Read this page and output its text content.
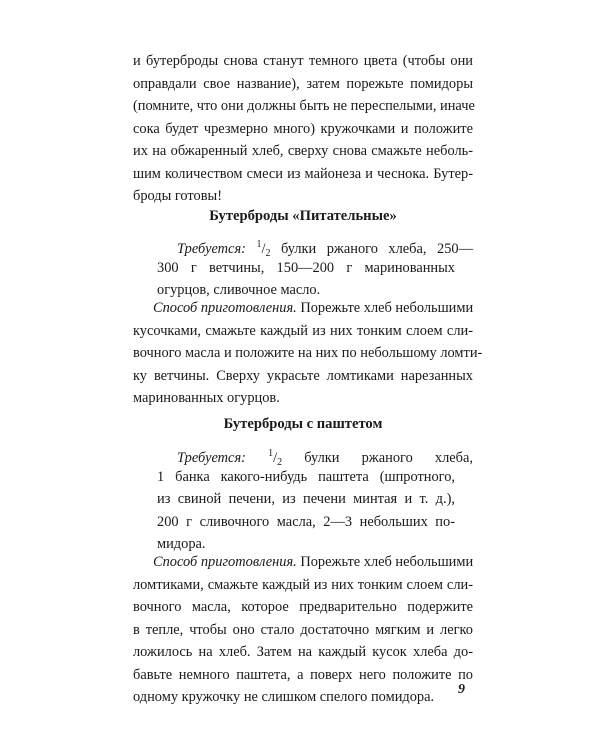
и бутерброды снова станут темного цвета (чтобы они
оправдали свое название), затем порежьте помидоры
(помните, что они должны быть не переспелыми, иначе
сока будет чрезмерно много) кружочками и положите
их на обжаренный хлеб, сверху снова смажьте неболь-
шим количеством смеси из майонеза и чеснока. Бутер-
броды готовы!
Бутерброды «Питательные»
Требуется: $^1/_2$ булки ржаного хлеба, 250—
300 г ветчины, 150—200 г маринованных
огурцов, сливочное масло.
Способ приготовления. Порежьте хлеб небольшими
кусочками, смажьте каждый из них тонким слоем сли-
вочного масла и положите на них по небольшому ломти-
ку ветчины. Сверху украсьте ломтиками нарезанных
маринованных огурцов.
Бутерброды с паштетом
Требуется: $^1/_2$ булки ржаного хлеба,
1 банка какого-нибудь паштета (шпротного,
из свиной печени, из печени минтая и т. д.),
200 г сливочного масла, 2—3 небольших по-
мидора.
Способ приготовления. Порежьте хлеб небольшими
ломтиками, смажьте каждый из них тонким слоем сли-
вочного масла, которое предварительно подержите
в тепле, чтобы оно стало достаточно мягким и легко
ложилось на хлеб. Затем на каждый кусок хлеба до-
бавьте немного паштета, а поверх него положите по
одному кружочку не слишком спелого помидора.	9
